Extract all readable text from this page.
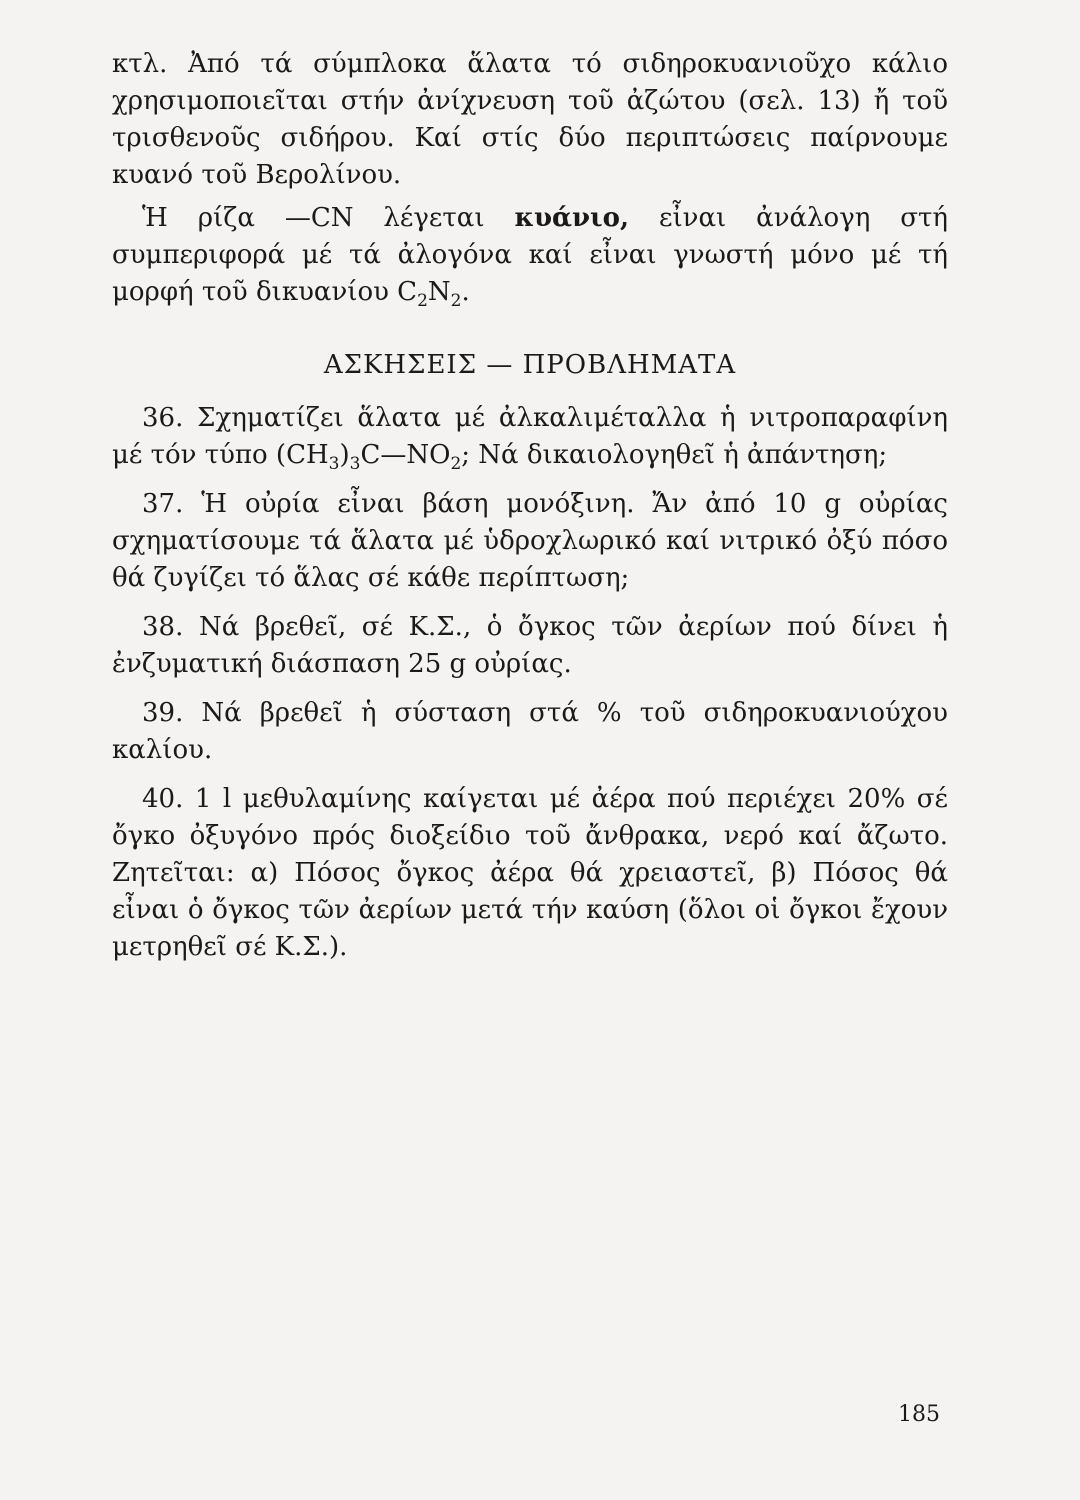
κτλ. Ἀπό τά σύμπλοκα ἅλατα τό σιδηροκυανιοῦχο κάλιο χρησιμοποιεῖται στήν ἀνίχνευση τοῦ ἀζώτου (σελ. 13) ἤ τοῦ τρισθενοῦς σιδήρου. Καί στίς δύο περιπτώσεις παίρνουμε κυανό τοῦ Βερολίνου.

Ἡ ρίζα —CN λέγεται κυάνιο, εἶναι ἀνάλογη στή συμπεριφορά μέ τά ἀλογόνα καί εἶναι γνωστή μόνο μέ τή μορφή τοῦ δικυανίου $C_2N_2$.

ΑΣΚΗΣΕΙΣ — ΠΡΟΒΛΗΜΑΤΑ

36. Σχηματίζει ἅλατα μέ ἀλκαλιμέταλλα ἡ νιτροπαραφίνη μέ τόν τύπο $(CH_3)_3C—NO_2$; Νά δικαιολογηθεῖ ἡ ἀπάντηση;

37. Ἡ οὐρία εἶναι βάση μονόξινη. Ἄν ἀπό 10 g οὐρίας σχηματίσουμε τά ἅλατα μέ ὑδροχλωρικό καί νιτρικό ὀξύ πόσο θά ζυγίζει τό ἅλας σέ κάθε περίπτωση;

38. Νά βρεθεῖ, σέ Κ.Σ., ὁ ὄγκος τῶν ἀερίων πού δίνει ἡ ἐνζυματική διάσπαση 25 g οὐρίας.

39. Νά βρεθεῖ ἡ σύσταση στά % τοῦ σιδηροκυανιούχου καλίου.

40. 1 l μεθυλαμίνης καίγεται μέ ἀέρα πού περιέχει 20% σέ ὄγκο ὀξυγόνο πρός διοξείδιο τοῦ ἄνθρακα, νερό καί ἄζωτο. Ζητεῖται: α) Πόσος ὄγκος ἀέρα θά χρειαστεῖ, β) Πόσος θά εἶναι ὁ ὄγκος τῶν ἀερίων μετά τήν καύση (ὅλοι οἱ ὄγκοι ἔχουν μετρηθεῖ σέ Κ.Σ.).

185
